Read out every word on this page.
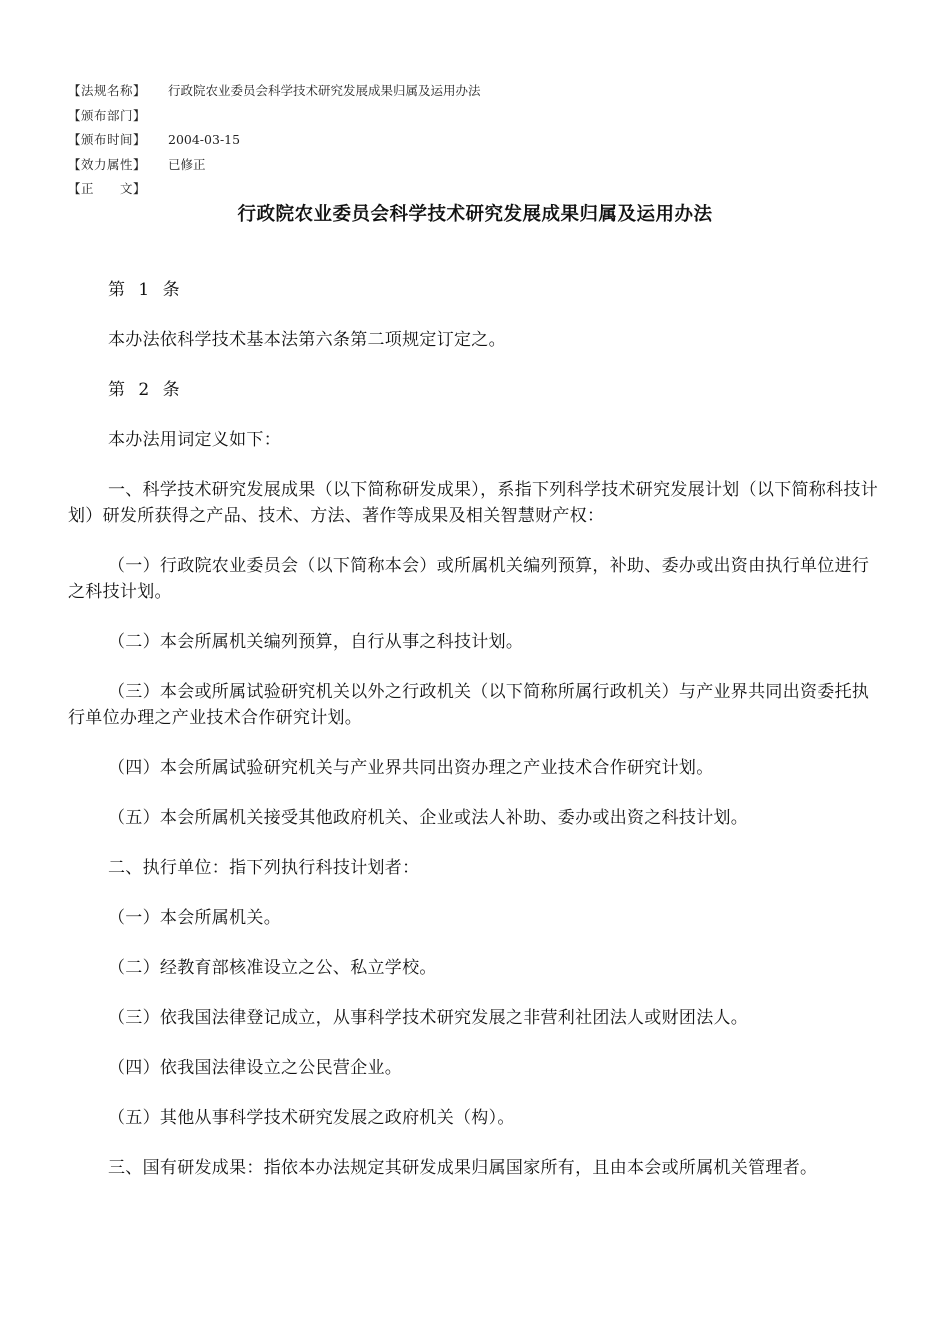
【法规名称】	行政院农业委员会科学技术研究发展成果归属及运用办法
【颁布部门】
【颁布时间】	2004-03-15
【效力属性】	已修正
【正　　文】
行政院农业委员会科学技术研究发展成果归属及运用办法

第 1 条

本办法依科学技术基本法第六条第二项规定订定之。

第 2 条

本办法用词定义如下：

一、科学技术研究发展成果（以下简称研发成果），系指下列科学技术研究发展计划（以下简称科技计划）研发所获得之产品、技术、方法、著作等成果及相关智慧财产权：

（一）行政院农业委员会（以下简称本会）或所属机关编列预算，补助、委办或出资由执行单位进行之科技计划。

（二）本会所属机关编列预算，自行从事之科技计划。

（三）本会或所属试验研究机关以外之行政机关（以下简称所属行政机关）与产业界共同出资委托执行单位办理之产业技术合作研究计划。

（四）本会所属试验研究机关与产业界共同出资办理之产业技术合作研究计划。

（五）本会所属机关接受其他政府机关、企业或法人补助、委办或出资之科技计划。

二、执行单位：指下列执行科技计划者：

（一）本会所属机关。

（二）经教育部核准设立之公、私立学校。

（三）依我国法律登记成立，从事科学技术研究发展之非营利社团法人或财团法人。

（四）依我国法律设立之公民营企业。

（五）其他从事科学技术研究发展之政府机关（构）。

三、国有研发成果：指依本办法规定其研发成果归属国家所有，且由本会或所属机关管理者。
